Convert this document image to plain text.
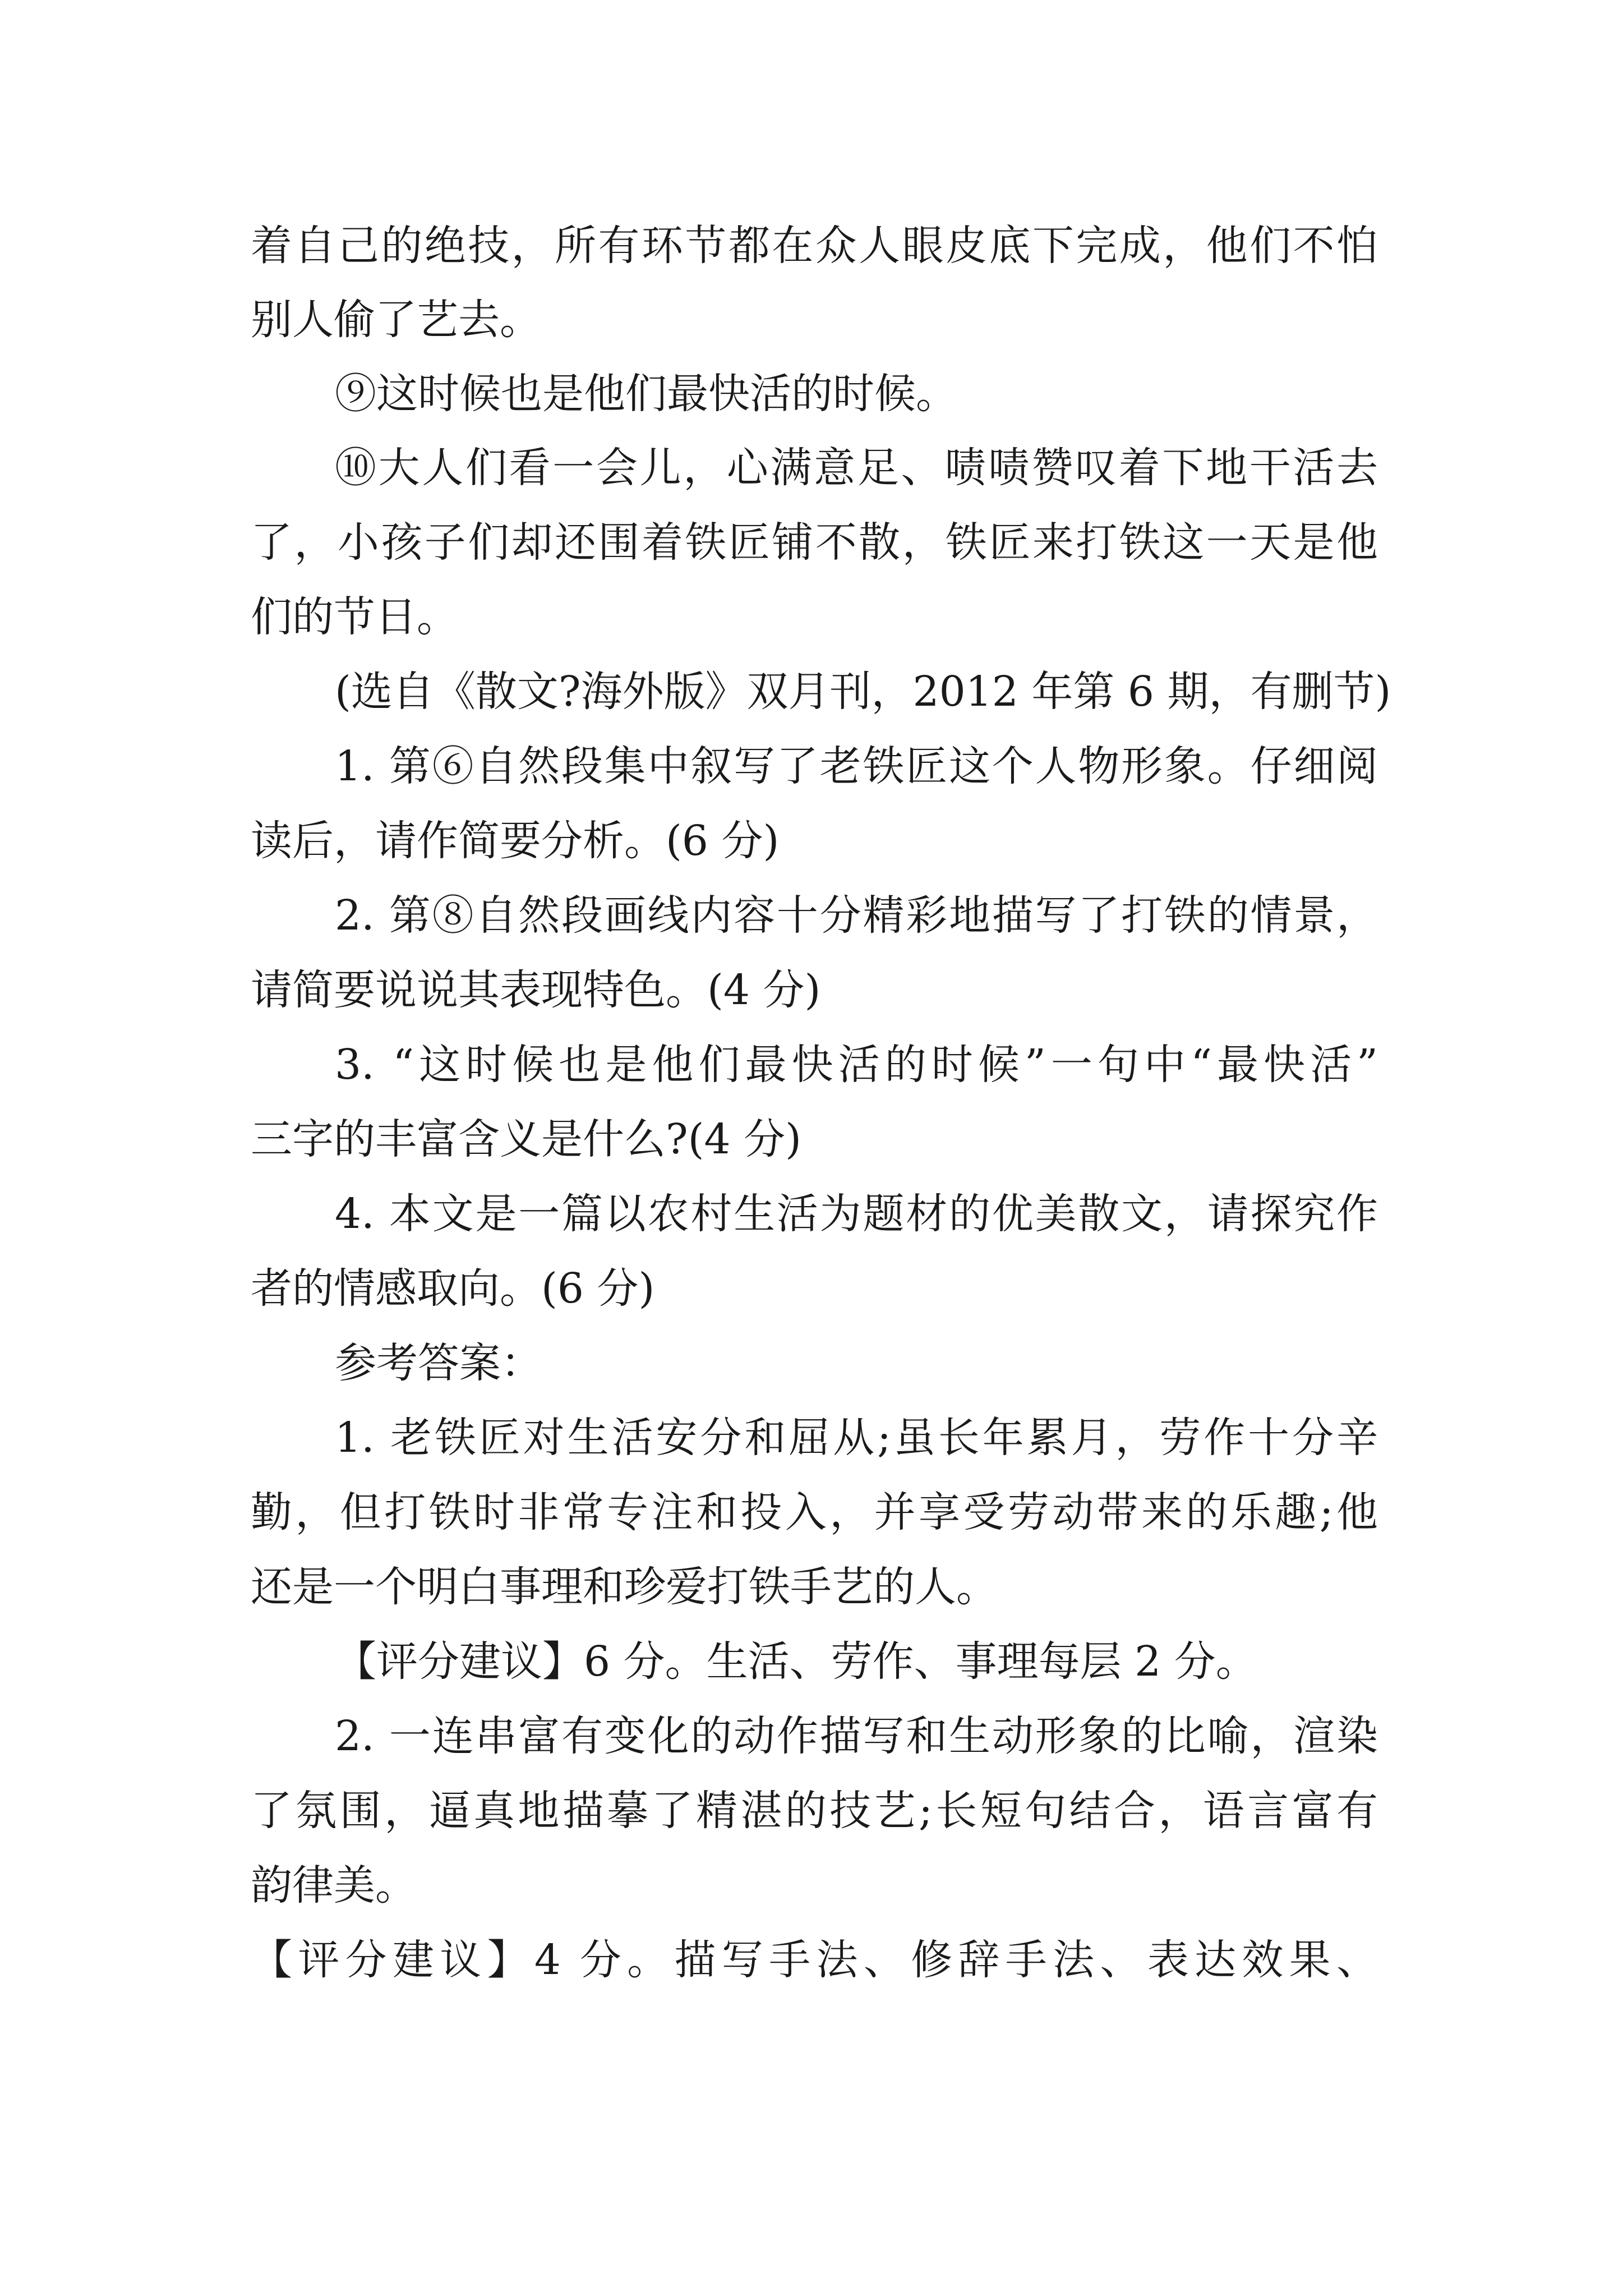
着自己的绝技，所有环节都在众人眼皮底下完成，他们不怕
别人偷了艺去。
⑨这时候也是他们最快活的时候。
⑩大人们看一会儿，心满意足、啧啧赞叹着下地干活去
了，小孩子们却还围着铁匠铺不散，铁匠来打铁这一天是他
们的节日。
(选自《散文?海外版》双月刊，2012 年第 6 期，有删节)
1. 第⑥自然段集中叙写了老铁匠这个人物形象。仔细阅
读后，请作简要分析。(6 分)
2. 第⑧自然段画线内容十分精彩地描写了打铁的情景，
请简要说说其表现特色。(4 分)
3. “这时候也是他们最快活的时候”一句中“最快活”
三字的丰富含义是什么?(4 分)
4. 本文是一篇以农村生活为题材的优美散文，请探究作
者的情感取向。(6 分)
参考答案：
1. 老铁匠对生活安分和屈从;虽长年累月，劳作十分辛
勤，但打铁时非常专注和投入，并享受劳动带来的乐趣;他
还是一个明白事理和珍爱打铁手艺的人。
【评分建议】6 分。生活、劳作、事理每层 2 分。
2. 一连串富有变化的动作描写和生动形象的比喻，渲染
了氛围，逼真地描摹了精湛的技艺;长短句结合，语言富有
韵律美。
【评分建议】4 分。描写手法、修辞手法、表达效果、
